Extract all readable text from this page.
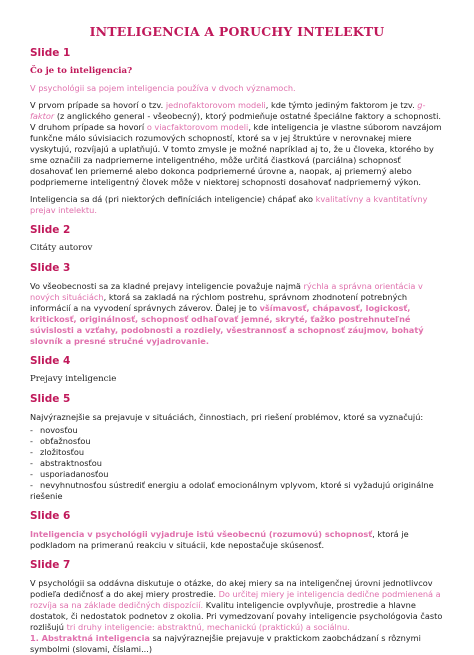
INTELIGENCIA A PORUCHY INTELEKTU
Slide 1
Čo je to inteligencia?
V psychológii sa pojem inteligencia používa v dvoch významoch.

V prvom prípade sa hovorí o tzv. jednofaktorovom modeli, kde týmto jediným faktorom je tzv. g-faktor (z anglického general - všeobecný), ktorý podmieňuje ostatné špeciálne faktory a schopnosti. V druhom prípade sa hovorí o viacfaktorovom modeli, kde inteligencia je vlastne súborom navzájom funkčne málo súvisiacich rozumových schopností, ktoré sa v jej štruktúre v nerovnakej miere vyskytujú, rozvíjajú a uplatňujú. V tomto zmysle je možné napríklad aj to, že u človeka, ktorého by sme označili za nadpriemerne inteligentného, môže určitá čiastková (parciálna) schopnosť dosahovať len priemerné alebo dokonca podpriemerné úrovne a, naopak, aj priemerný alebo podpriemerne inteligentný človek môže v niektorej schopnosti dosahovať nadpriemerný výkon.

Inteligencia sa dá (pri niektorých definíciách inteligencie) chápať ako kvalitatívny a kvantitatívny prejav intelektu.

Slide 2
Citáty autorov
Slide 3

Vo všeobecnosti sa za kladné prejavy inteligencie považuje najmä rýchla a správna orientácia v nových situáciách, ktorá sa zakladá na rýchlom postrehu, správnom zhodnotení potrebných informácií a na vyvodení správnych záverov. Ďalej je to všímavosť, chápavosť, logickosť, kritickosť, originálnosť, schopnosť odhaľovať jemné, skryté, ťažko postrehnuteľné súvislosti a vzťahy, podobnosti a rozdiely, všestrannosť a schopnosť záujmov, bohatý slovník a presné stručné vyjadrovanie.

Slide 4
Prejavy inteligencie
Slide 5

Najvýraznejšie sa prejavuje v situáciách, činnostiach, pri riešení problémov, ktoré sa vyznačujú:

- novosťou
- obťažnosťou
- zložitosťou
- abstraktnosťou
- usporiadanosťou
- nevyhnutnosťou sústrediť energiu a odolať emocionálnym vplyvom, ktoré si vyžadujú originálne riešenie
Slide 6

Inteligencia v psychológii vyjadruje istú všeobecnú (rozumovú) schopnosť, ktorá je podkladom na primeranú reakciu v situácii, kde nepostačuje skúsenosť.

Slide 7

V psychológii sa oddávna diskutuje o otázke, do akej miery sa na inteligenčnej úrovni jednotlivcov podieľa dedičnosť a do akej miery prostredie. Do určitej miery je inteligencia dedične podmienená a rozvíja sa na základe dedičných dispozícií. Kvalitu inteligencie ovplyvňuje, prostredie a hlavne dostatok, či nedostatok podnetov z okolia. Pri vymedzovaní povahy inteligencie psychológovia často rozlišujú tri druhy inteligencie: abstraktnú, mechanickú (praktickú) a sociálnu.

1. Abstraktná inteligencia sa najvýraznejšie prejavuje v praktickom zaobchádzaní s rôznymi symbolmi (slovami, číslami...)
